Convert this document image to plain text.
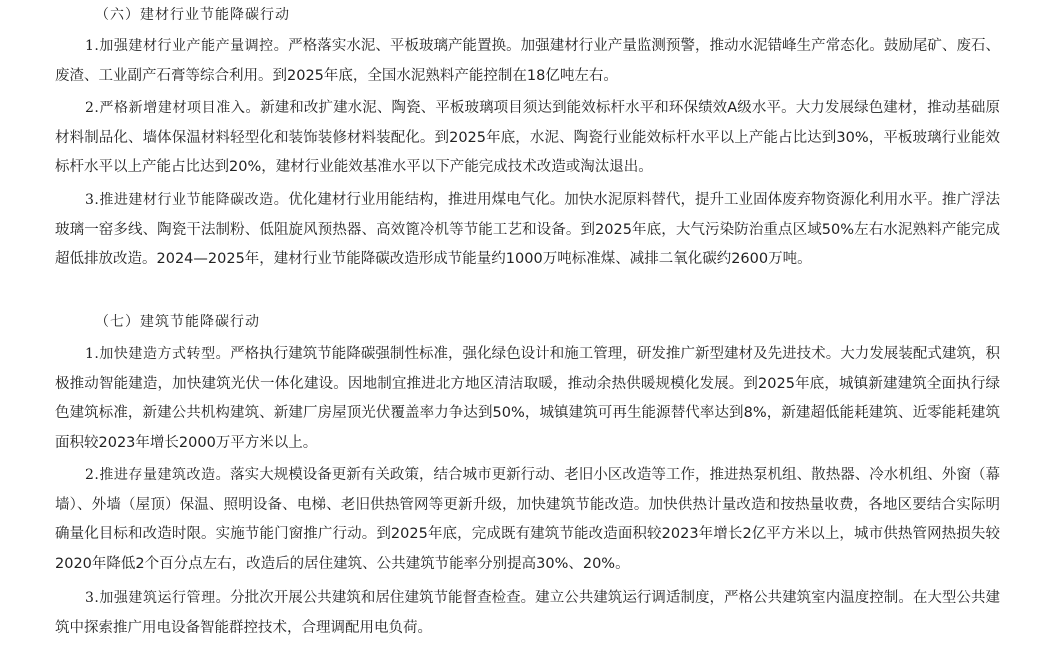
（六）建材行业节能降碳行动

1.加强建材行业产能产量调控。严格落实水泥、平板玻璃产能置换。加强建材行业产量监测预警，推动水泥错峰生产常态化。鼓励尾矿、废石、废渣、工业副产石膏等综合利用。到2025年底，全国水泥熟料产能控制在18亿吨左右。

2.严格新增建材项目准入。新建和改扩建水泥、陶瓷、平板玻璃项目须达到能效标杆水平和环保绩效A级水平。大力发展绿色建材，推动基础原材料制品化、墙体保温材料轻型化和装饰装修材料装配化。到2025年底，水泥、陶瓷行业能效标杆水平以上产能占比达到30%，平板玻璃行业能效标杆水平以上产能占比达到20%，建材行业能效基准水平以下产能完成技术改造或淘汰退出。

3.推进建材行业节能降碳改造。优化建材行业用能结构，推进用煤电气化。加快水泥原料替代，提升工业固体废弃物资源化利用水平。推广浮法玻璃一窑多线、陶瓷干法制粉、低阻旋风预热器、高效篦冷机等节能工艺和设备。到2025年底，大气污染防治重点区域50%左右水泥熟料产能完成超低排放改造。2024—2025年，建材行业节能降碳改造形成节能量约1000万吨标准煤、减排二氧化碳约2600万吨。

（七）建筑节能降碳行动

1.加快建造方式转型。严格执行建筑节能降碳强制性标准，强化绿色设计和施工管理，研发推广新型建材及先进技术。大力发展装配式建筑，积极推动智能建造，加快建筑光伏一体化建设。因地制宜推进北方地区清洁取暖，推动余热供暖规模化发展。到2025年底，城镇新建建筑全面执行绿色建筑标准，新建公共机构建筑、新建厂房屋顶光伏覆盖率力争达到50%，城镇建筑可再生能源替代率达到8%，新建超低能耗建筑、近零能耗建筑面积较2023年增长2000万平方米以上。

2.推进存量建筑改造。落实大规模设备更新有关政策，结合城市更新行动、老旧小区改造等工作，推进热泵机组、散热器、冷水机组、外窗（幕墙）、外墙（屋顶）保温、照明设备、电梯、老旧供热管网等更新升级，加快建筑节能改造。加快供热计量改造和按热量收费，各地区要结合实际明确量化目标和改造时限。实施节能门窗推广行动。到2025年底，完成既有建筑节能改造面积较2023年增长2亿平方米以上，城市供热管网热损失较2020年降低2个百分点左右，改造后的居住建筑、公共建筑节能率分别提高30%、20%。

3.加强建筑运行管理。分批次开展公共建筑和居住建筑节能督查检查。建立公共建筑运行调适制度，严格公共建筑室内温度控制。在大型公共建筑中探索推广用电设备智能群控技术，合理调配用电负荷。
